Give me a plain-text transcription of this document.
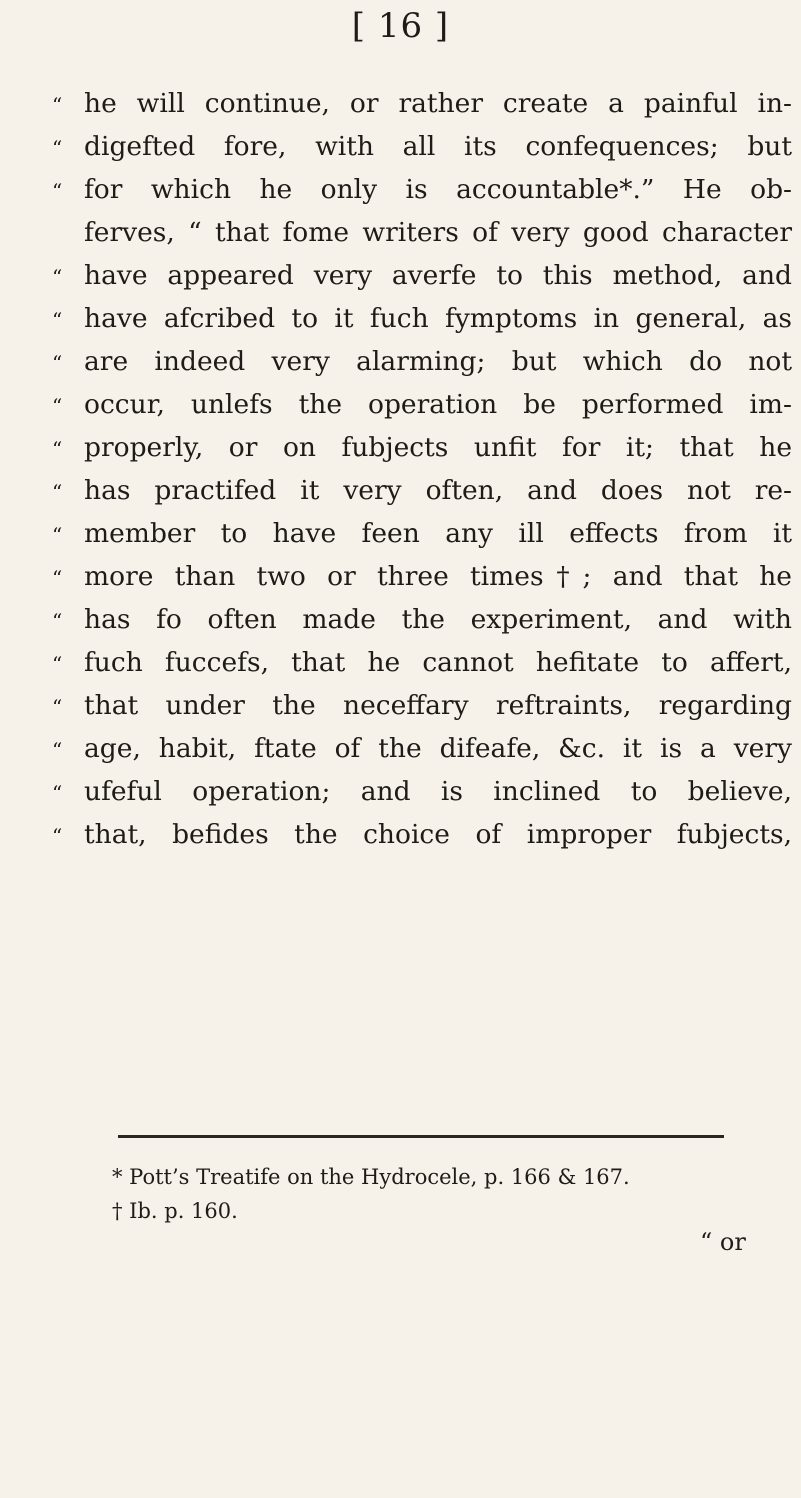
[ 16 ]
“ he will continue, or rather create a painful in-
“ digefted fore, with all its confequences; but
“ for which he only is accountable*.” He ob-
ferves, “ that fome writers of very good character
“ have appeared very averfe to this method, and
“ have afcribed to it fuch fymptoms in general, as
“ are indeed very alarming; but which do not
“ occur, unlefs the operation be performed im-
“ properly, or on fubjects unfit for it; that he
“ has practifed it very often, and does not re-
“ member to have feen any ill effects from it
“ more than two or three times†; and that he
“ has fo often made the experiment, and with
“ fuch fuccefs, that he cannot hefitate to affert,
“ that under the neceffary reftraints, regarding
“ age, habit, ftate of the difeafe, &c. it is a very
“ ufeful operation; and is inclined to believe,
“ that, befides the choice of improper fubjects,
* Pott’s Treatife on the Hydrocele, p. 166 & 167.
† Ib. p. 160.
“ or
